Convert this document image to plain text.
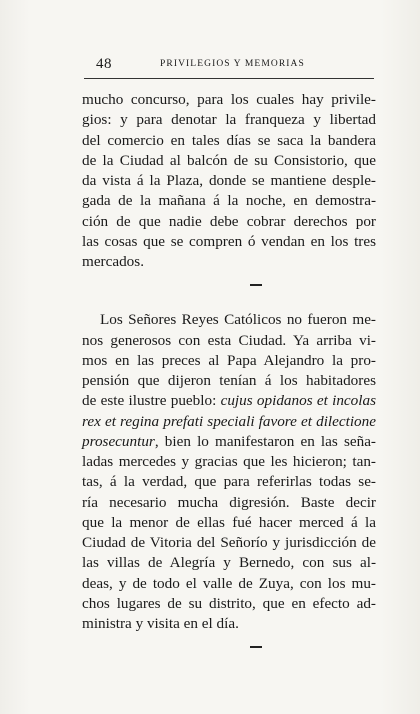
48	PRIVILEGIOS Y MEMORIAS
mucho concurso, para los cuales hay privile-
gios: y para denotar la franqueza y libertad
del comercio en tales días se saca la bandera
de la Ciudad al balcón de su Consistorio, que
da vista á la Plaza, donde se mantiene desple-
gada de la mañana á la noche, en demostra-
ción de que nadie debe cobrar derechos por
las cosas que se compren ó vendan en los tres
mercados.
Los Señores Reyes Católicos no fueron me-
nos generosos con esta Ciudad. Ya arriba vi-
mos en las preces al Papa Alejandro la pro-
pensión que dijeron tenían á los habitadores
de este ilustre pueblo: cujus opidanos et incolas
rex et regina prefati speciali favore et dilectione
prosecuntur, bien lo manifestaron en las seña-
ladas mercedes y gracias que les hicieron; tan-
tas, á la verdad, que para referirlas todas se-
ría necesario mucha digresión. Baste decir
que la menor de ellas fué hacer merced á la
Ciudad de Vitoria del Señorío y jurisdicción de
las villas de Alegría y Bernedo, con sus al-
deas, y de todo el valle de Zuya, con los mu-
chos lugares de su distrito, que en efecto ad-
ministra y visita en el día.
